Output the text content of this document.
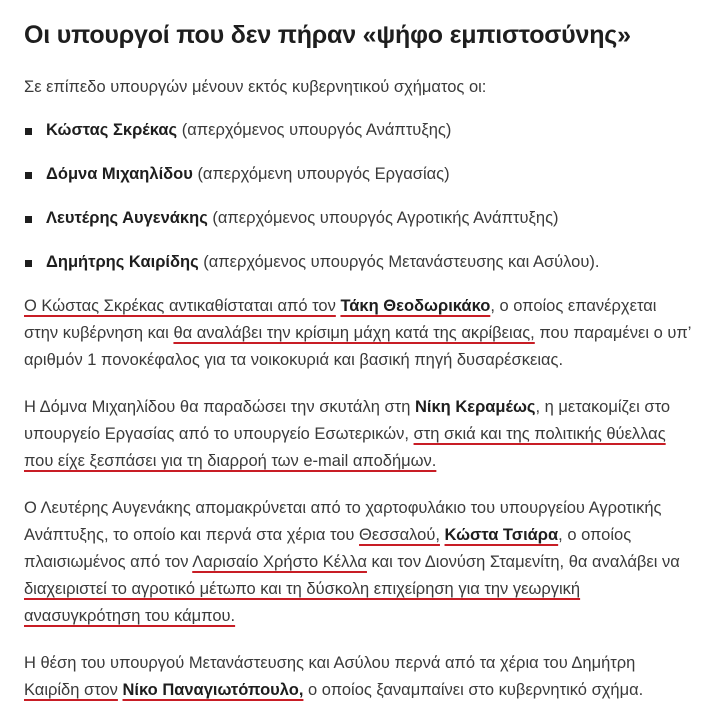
Οι υπουργοί που δεν πήραν «ψήφο εμπιστοσύνης»

Σε επίπεδο υπουργών μένουν εκτός κυβερνητικού σχήματος οι:

Κώστας Σκρέκας (απερχόμενος υπουργός Ανάπτυξης)
Δόμνα Μιχαηλίδου (απερχόμενη υπουργός Εργασίας)
Λευτέρης Αυγενάκης (απερχόμενος υπουργός Αγροτικής Ανάπτυξης)
Δημήτρης Καιρίδης (απερχόμενος υπουργός Μετανάστευσης και Ασύλου).

Ο Κώστας Σκρέκας αντικαθίσταται από τον Τάκη Θεοδωρικάκο, ο οποίος επανέρχεται στην κυβέρνηση και θα αναλάβει την κρίσιμη μάχη κατά της ακρίβειας, που παραμένει ο υπ’ αριθμόν 1 πονοκέφαλος για τα νοικοκυριά και βασική πηγή δυσαρέσκειας.

Η Δόμνα Μιχαηλίδου θα παραδώσει την σκυτάλη στη Νίκη Κεραμέως, η μετακομίζει στο υπουργείο Εργασίας από το υπουργείο Εσωτερικών, στη σκιά και της πολιτικής θύελλας που είχε ξεσπάσει για τη διαρροή των e-mail αποδήμων.

Ο Λευτέρης Αυγενάκης απομακρύνεται από το χαρτοφυλάκιο του υπουργείου Αγροτικής Ανάπτυξης, το οποίο και περνά στα χέρια του Θεσσαλού, Κώστα Τσιάρα, ο οποίος πλαισιωμένος από τον Λαρισαίο Χρήστο Κέλλα και τον Διονύση Σταμενίτη, θα αναλάβει να διαχειριστεί το αγροτικό μέτωπο και τη δύσκολη επιχείρηση για την γεωργική ανασυγκρότηση του κάμπου.

Η θέση του υπουργού Μετανάστευσης και Ασύλου περνά από τα χέρια του Δημήτρη Καιρίδη στον Νίκο Παναγιωτόπουλο, ο οποίος ξαναμπαίνει στο κυβερνητικό σχήμα.
